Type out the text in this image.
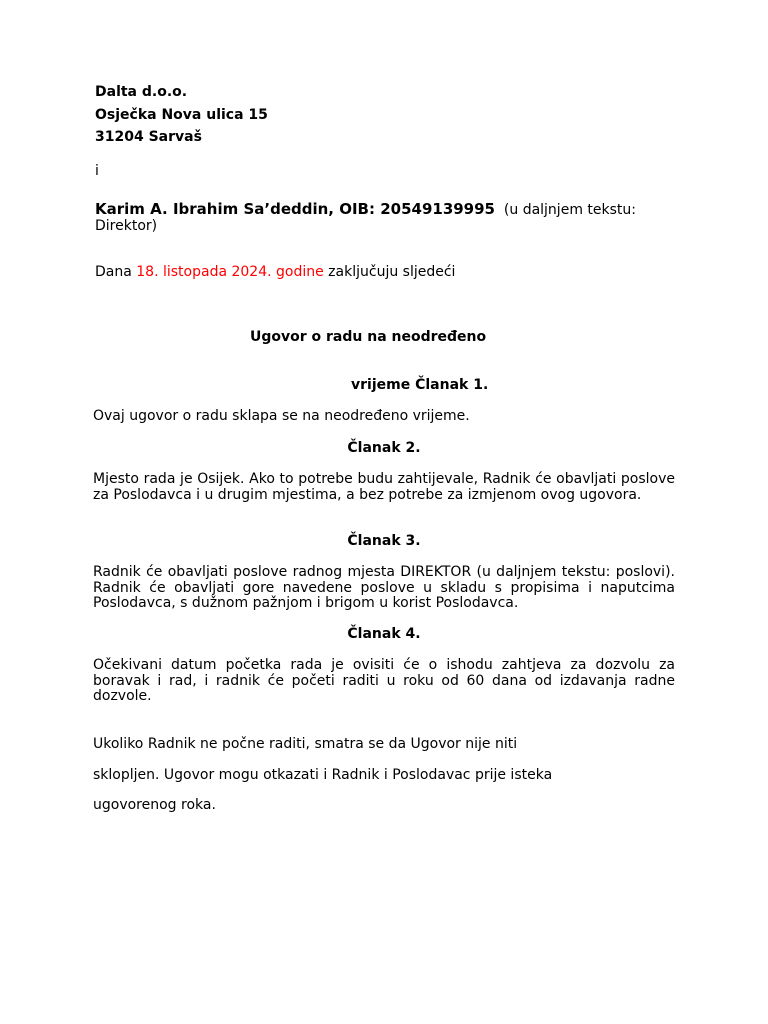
Dalta d.o.o.
Osječka Nova ulica 15
31204 Sarvaš
i
Karim A. Ibrahim Sa’deddin, OIB: 20549139995 (u daljnjem tekstu:
Direktor)
Dana 18. listopada 2024. godine zaključuju sljedeći
Ugovor o radu na neodređeno
vrijeme Članak 1.
Ovaj ugovor o radu sklapa se na neodređeno vrijeme.
Članak 2.
Mjesto rada je Osijek. Ako to potrebe budu zahtijevale, Radnik će obavljati poslove za Poslodavca i u drugim mjestima, a bez potrebe za izmjenom ovog ugovora.
Članak 3.
Radnik će obavljati poslove radnog mjesta DIREKTOR (u daljnjem tekstu: poslovi). Radnik će obavljati gore navedene poslove u skladu s propisima i naputcima Poslodavca, s dužnom pažnjom i brigom u korist Poslodavca.
Članak 4.
Očekivani datum početka rada je ovisiti će o ishodu zahtjeva za dozvolu za boravak i rad, i radnik će početi raditi u roku od 60 dana od izdavanja radne dozvole.
Ukoliko Radnik ne počne raditi, smatra se da Ugovor nije niti
sklopljen. Ugovor mogu otkazati i Radnik i Poslodavac prije isteka
ugovorenog roka.
